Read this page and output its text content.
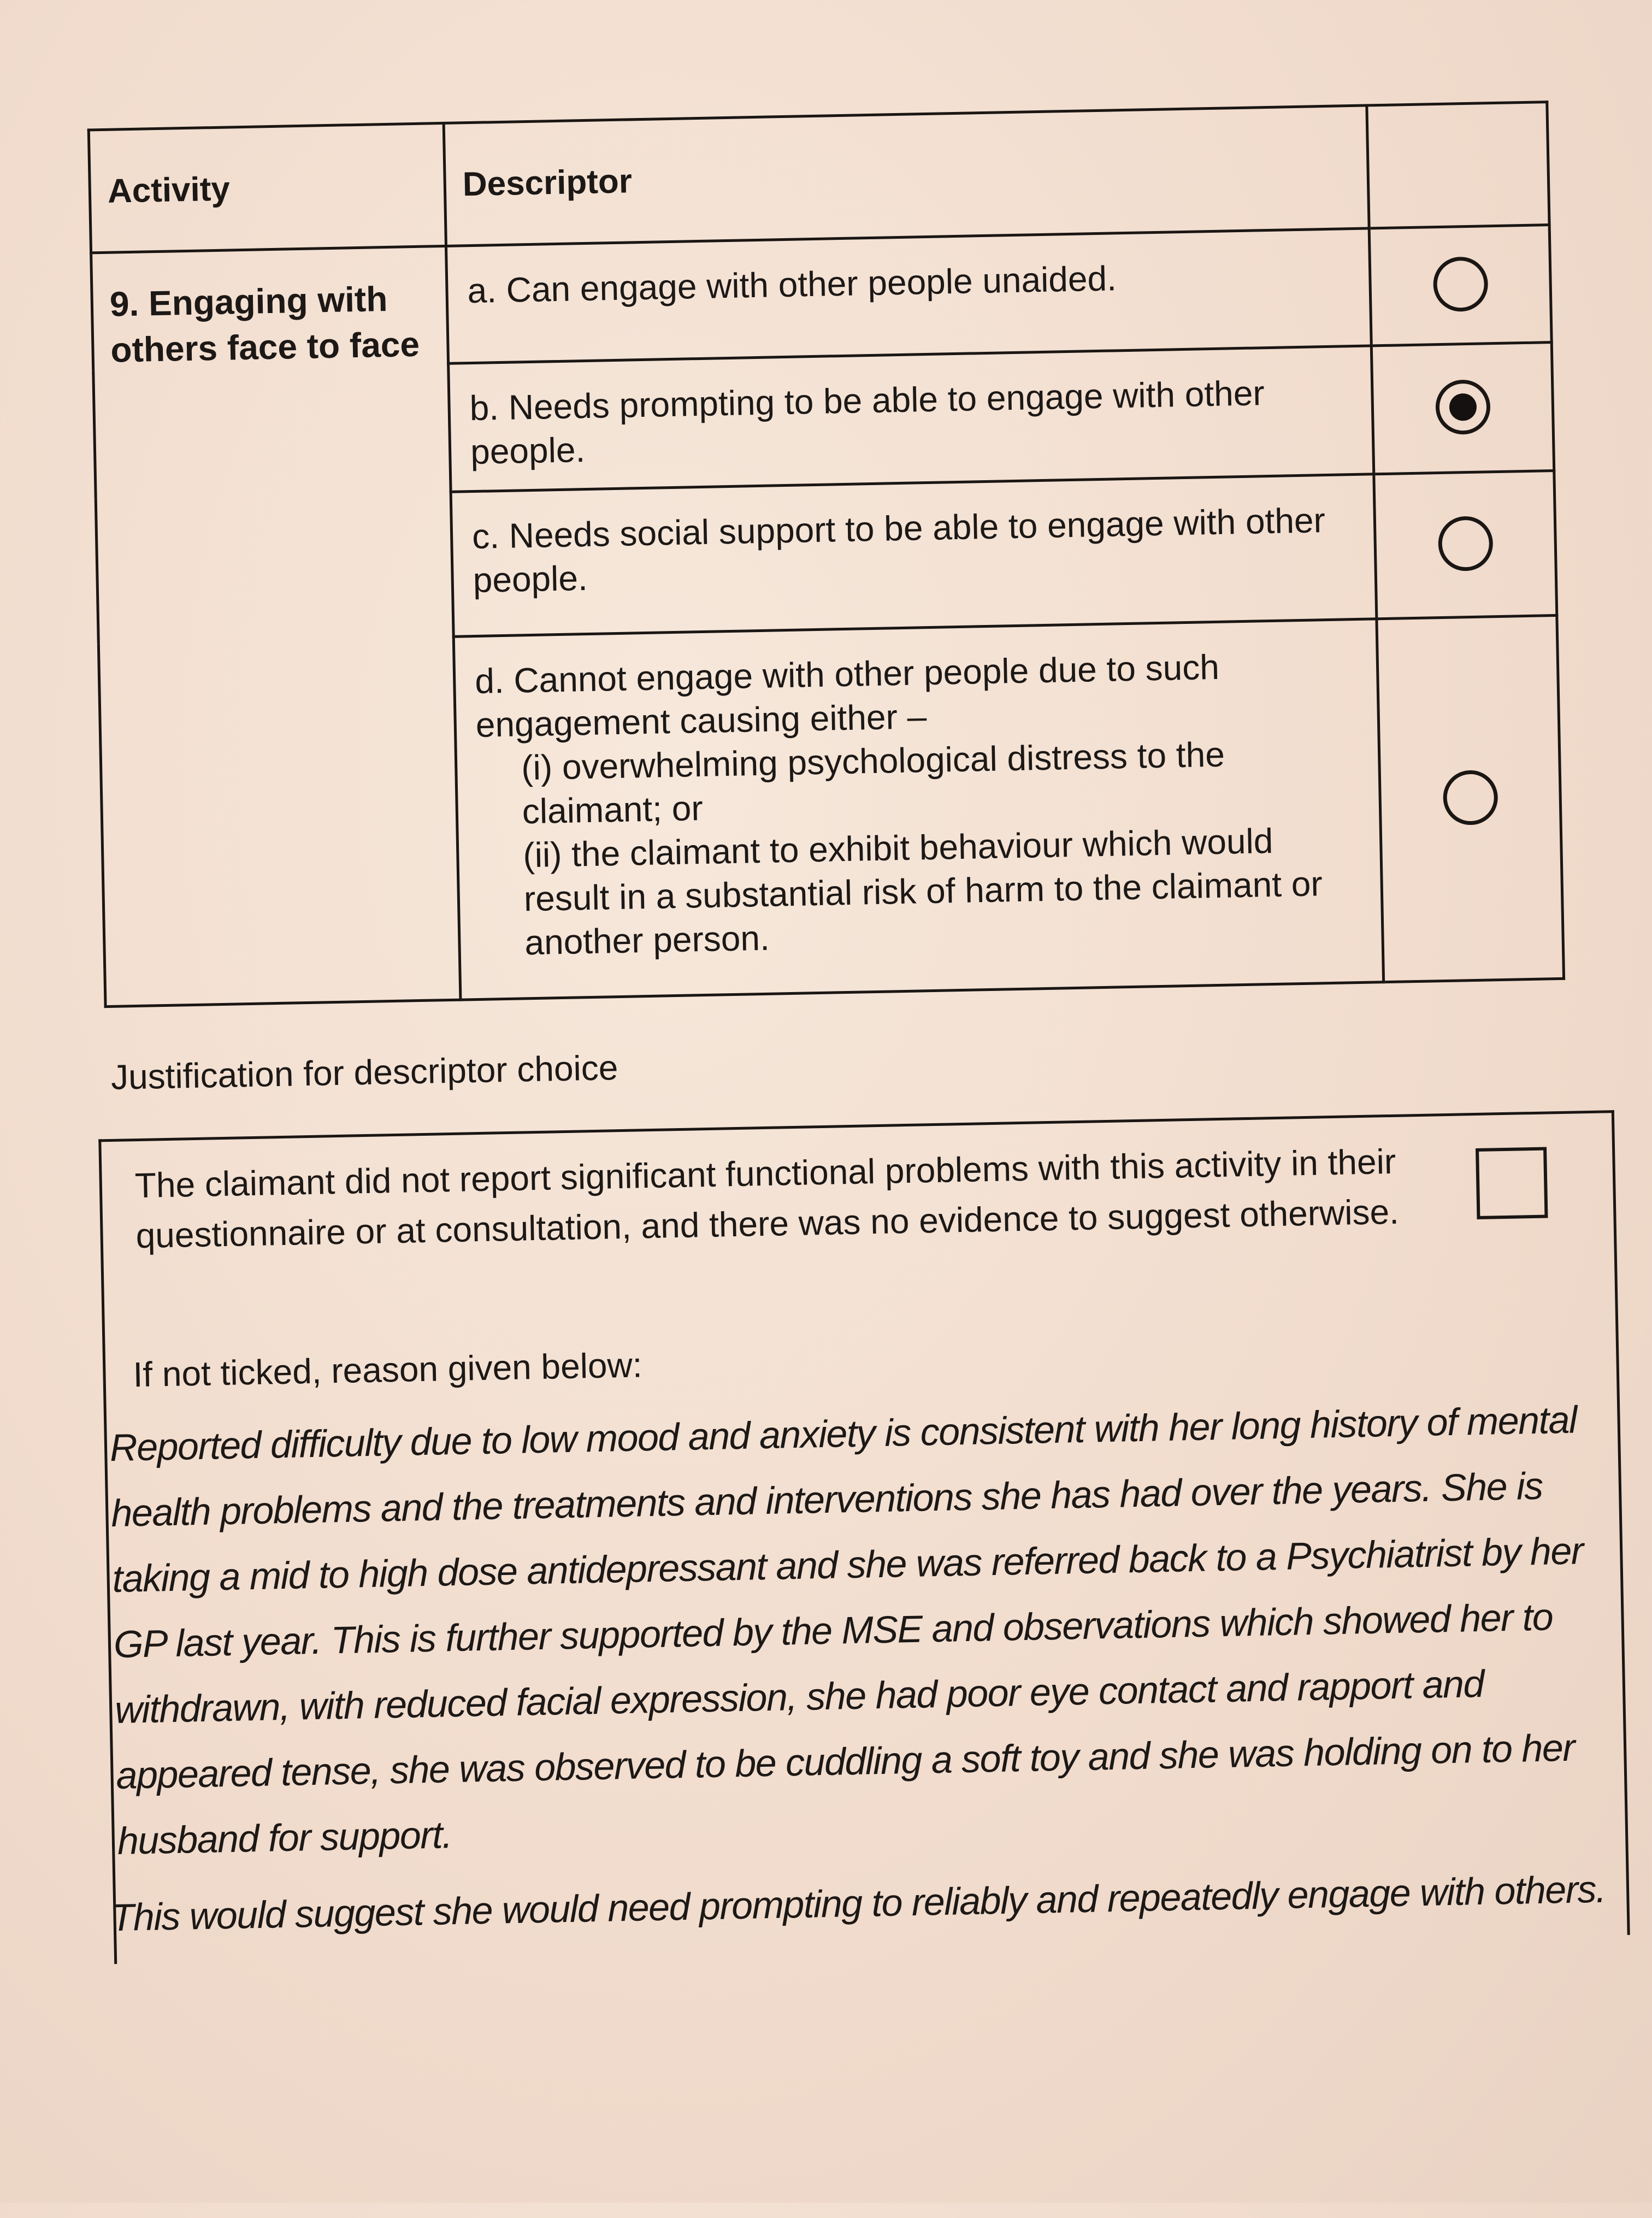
Activity	Descriptor	
9. Engaging with others face to face	a. Can engage with other people unaided.	
	b. Needs prompting to be able to engage with other people.	
	c. Needs social support to be able to engage with other people.	
	d. Cannot engage with other people due to such engagement causing either –
(i) overwhelming psychological distress to the claimant; or
(ii) the claimant to exhibit behaviour which would result in a substantial risk of harm to the claimant or another person.	

Justification for descriptor choice
The claimant did not report significant functional problems with this activity in their questionnaire or at consultation, and there was no evidence to suggest otherwise.
If not ticked, reason given below:
Reported difficulty due to low mood and anxiety is consistent with her long history of mental health problems and the treatments and interventions she has had over the years. She is taking a mid to high dose antidepressant and she was referred back to a Psychiatrist by her GP last year. This is further supported by the MSE and observations which showed her to withdrawn, with reduced facial expression, she had poor eye contact and rapport and appeared tense, she was observed to be cuddling a soft toy and she was holding on to her husband for support.
This would suggest she would need prompting to reliably and repeatedly engage with others.
